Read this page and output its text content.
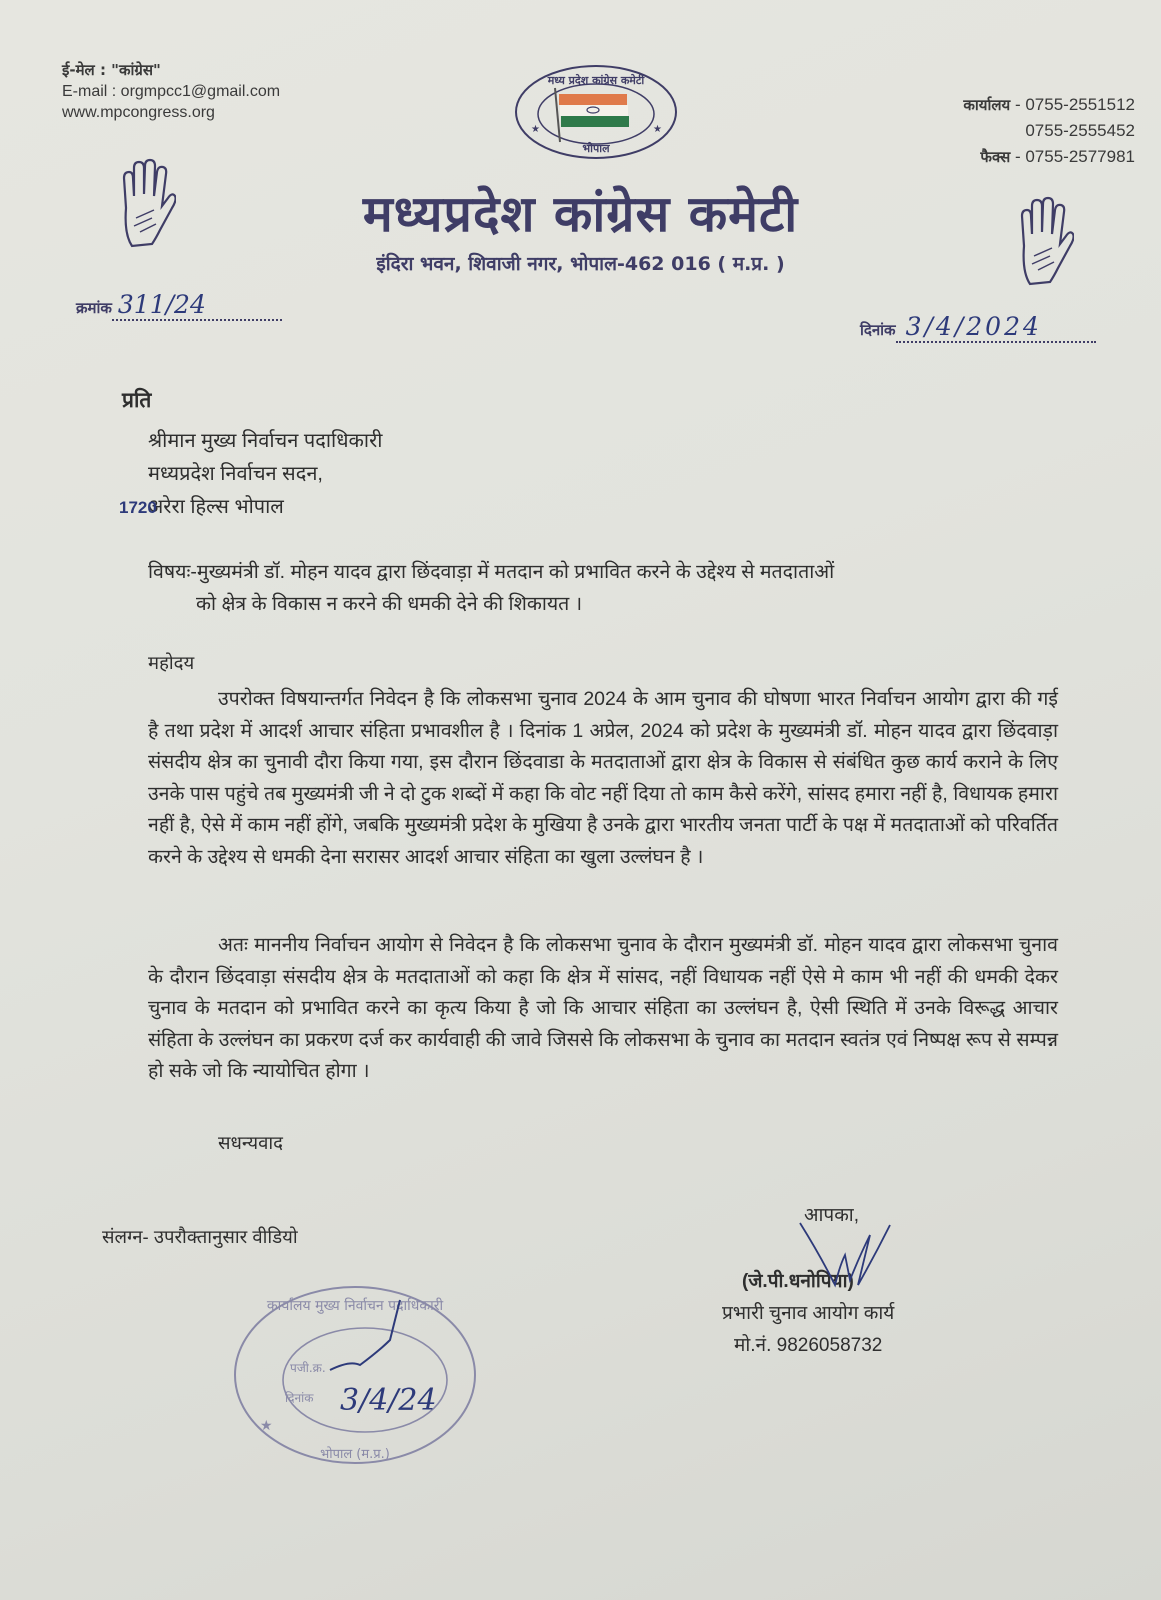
ई-मेल : "कांग्रेस"
E-mail : orgmpcc1@gmail.com
www.mpcongress.org
मध्य प्रदेश कांग्रेस कमेटी
★	★
भोपाल
कार्यालय - 0755-2551512
0755-2555452
फैक्स - 0755-2577981
मध्यप्रदेश कांग्रेस कमेटी
इंदिरा भवन, शिवाजी नगर, भोपाल-462 016 ( म.प्र. )
क्रमांक 311/24
दिनांक 3/4/2024
प्रति
श्रीमान मुख्य निर्वाचन पदाधिकारी
मध्यप्रदेश निर्वाचन सदन,
अरेरा हिल्स भोपाल
1720
विषयः-मुख्यमंत्री डॉ. मोहन यादव द्वारा छिंदवाड़ा में मतदान को प्रभावित करने के उद्देश्य से मतदाताओं
को क्षेत्र के विकास न करने की धमकी देने की शिकायत ।
महोदय
उपरोक्त विषयान्तर्गत निवेदन है कि लोकसभा चुनाव 2024 के आम चुनाव की घोषणा भारत निर्वाचन आयोग द्वारा की गई है तथा प्रदेश में आदर्श आचार संहिता प्रभावशील है । दिनांक 1 अप्रेल, 2024 को प्रदेश के मुख्यमंत्री डॉ. मोहन यादव द्वारा छिंदवाड़ा संसदीय क्षेत्र का चुनावी दौरा किया गया, इस दौरान छिंदवाडा के मतदाताओं द्वारा क्षेत्र के विकास से संबंधित कुछ कार्य कराने के लिए उनके पास पहुंचे तब मुख्यमंत्री जी ने दो टुक शब्दों में कहा कि वोट नहीं दिया तो काम कैसे करेंगे, सांसद हमारा नहीं है, विधायक हमारा नहीं है, ऐसे में काम नहीं होंगे, जबकि मुख्यमंत्री प्रदेश के मुखिया है उनके द्वारा भारतीय जनता पार्टी के पक्ष में मतदाताओं को परिवर्तित करने के उद्देश्य से धमकी देना सरासर आदर्श आचार संहिता का खुला उल्लंघन है ।
अतः माननीय निर्वाचन आयोग से निवेदन है कि लोकसभा चुनाव के दौरान मुख्यमंत्री डॉ. मोहन यादव द्वारा लोकसभा चुनाव के दौरान छिंदवाड़ा संसदीय क्षेत्र के मतदाताओं को कहा कि क्षेत्र में सांसद, नहीं विधायक नहीं ऐसे मे काम भी नहीं की धमकी देकर चुनाव के मतदान को प्रभावित करने का कृत्य किया है जो कि आचार संहिता का उल्लंघन है, ऐसी स्थिति में उनके विरूद्ध आचार संहिता के उल्लंघन का प्रकरण दर्ज कर कार्यवाही की जावे जिससे कि लोकसभा के चुनाव का मतदान स्वतंत्र एवं निष्पक्ष रूप से सम्पन्न हो सके जो कि न्यायोचित होगा ।
सधन्यवाद
संलग्न- उपरौक्तानुसार वीडियो
आपका,
(जे.पी.धनोपिया)
प्रभारी चुनाव आयोग कार्य
मो.नं. 9826058732
कार्यालय मुख्य निर्वाचन पदाधिकारी
पजी.क्र.
दिनांक 3/4/24
★
भोपाल (म.प्र.)
